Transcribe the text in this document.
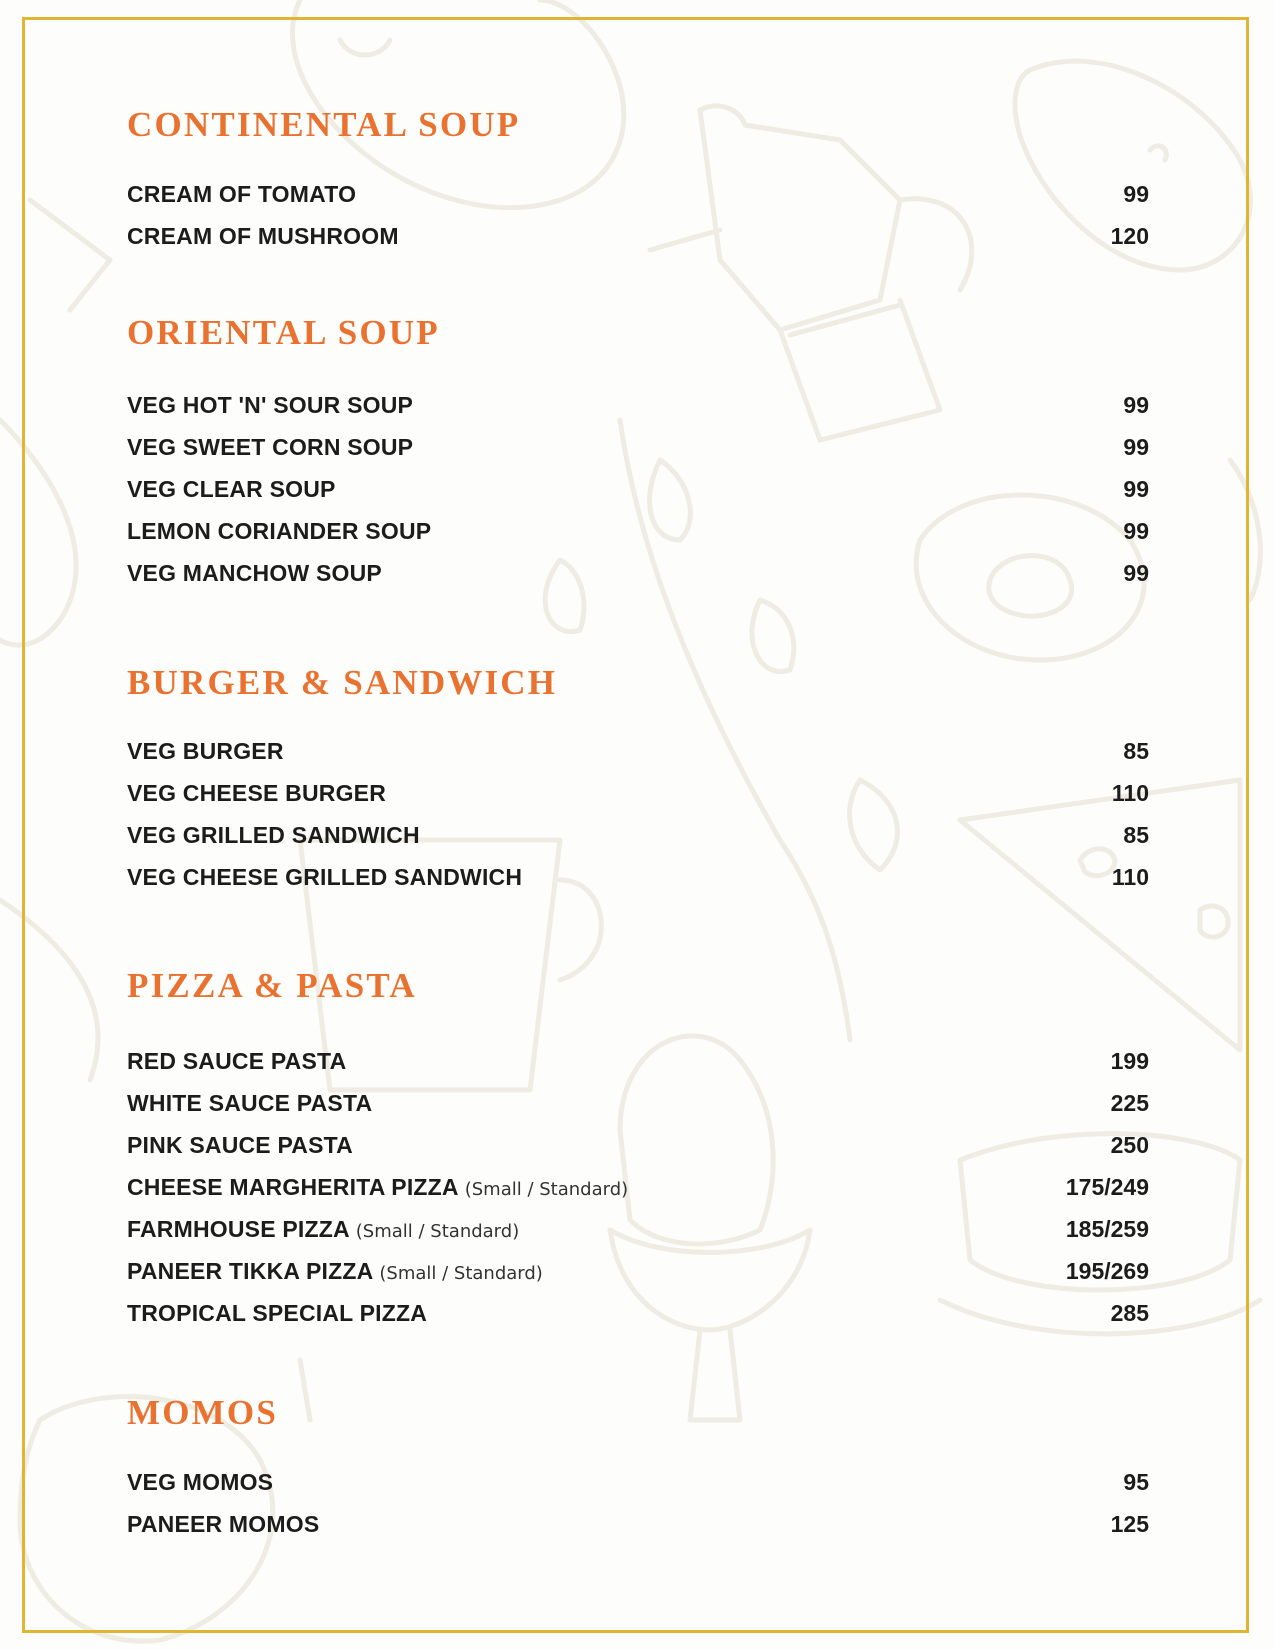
CONTINENTAL SOUP
CREAM OF TOMATO	99
CREAM OF MUSHROOM	120
ORIENTAL SOUP
VEG HOT 'N' SOUR SOUP	99
VEG SWEET CORN SOUP	99
VEG CLEAR SOUP	99
LEMON CORIANDER SOUP	99
VEG MANCHOW SOUP	99
BURGER & SANDWICH
VEG BURGER	85
VEG CHEESE BURGER	110
VEG GRILLED SANDWICH	85
VEG CHEESE GRILLED SANDWICH	110
PIZZA & PASTA
RED SAUCE PASTA	199
WHITE SAUCE PASTA	225
PINK SAUCE PASTA	250
CHEESE MARGHERITA PIZZA (Small / Standard)	175/249
FARMHOUSE PIZZA (Small / Standard)	185/259
PANEER TIKKA PIZZA (Small / Standard)	195/269
TROPICAL SPECIAL PIZZA	285
MOMOS
VEG MOMOS	95
PANEER MOMOS	125
